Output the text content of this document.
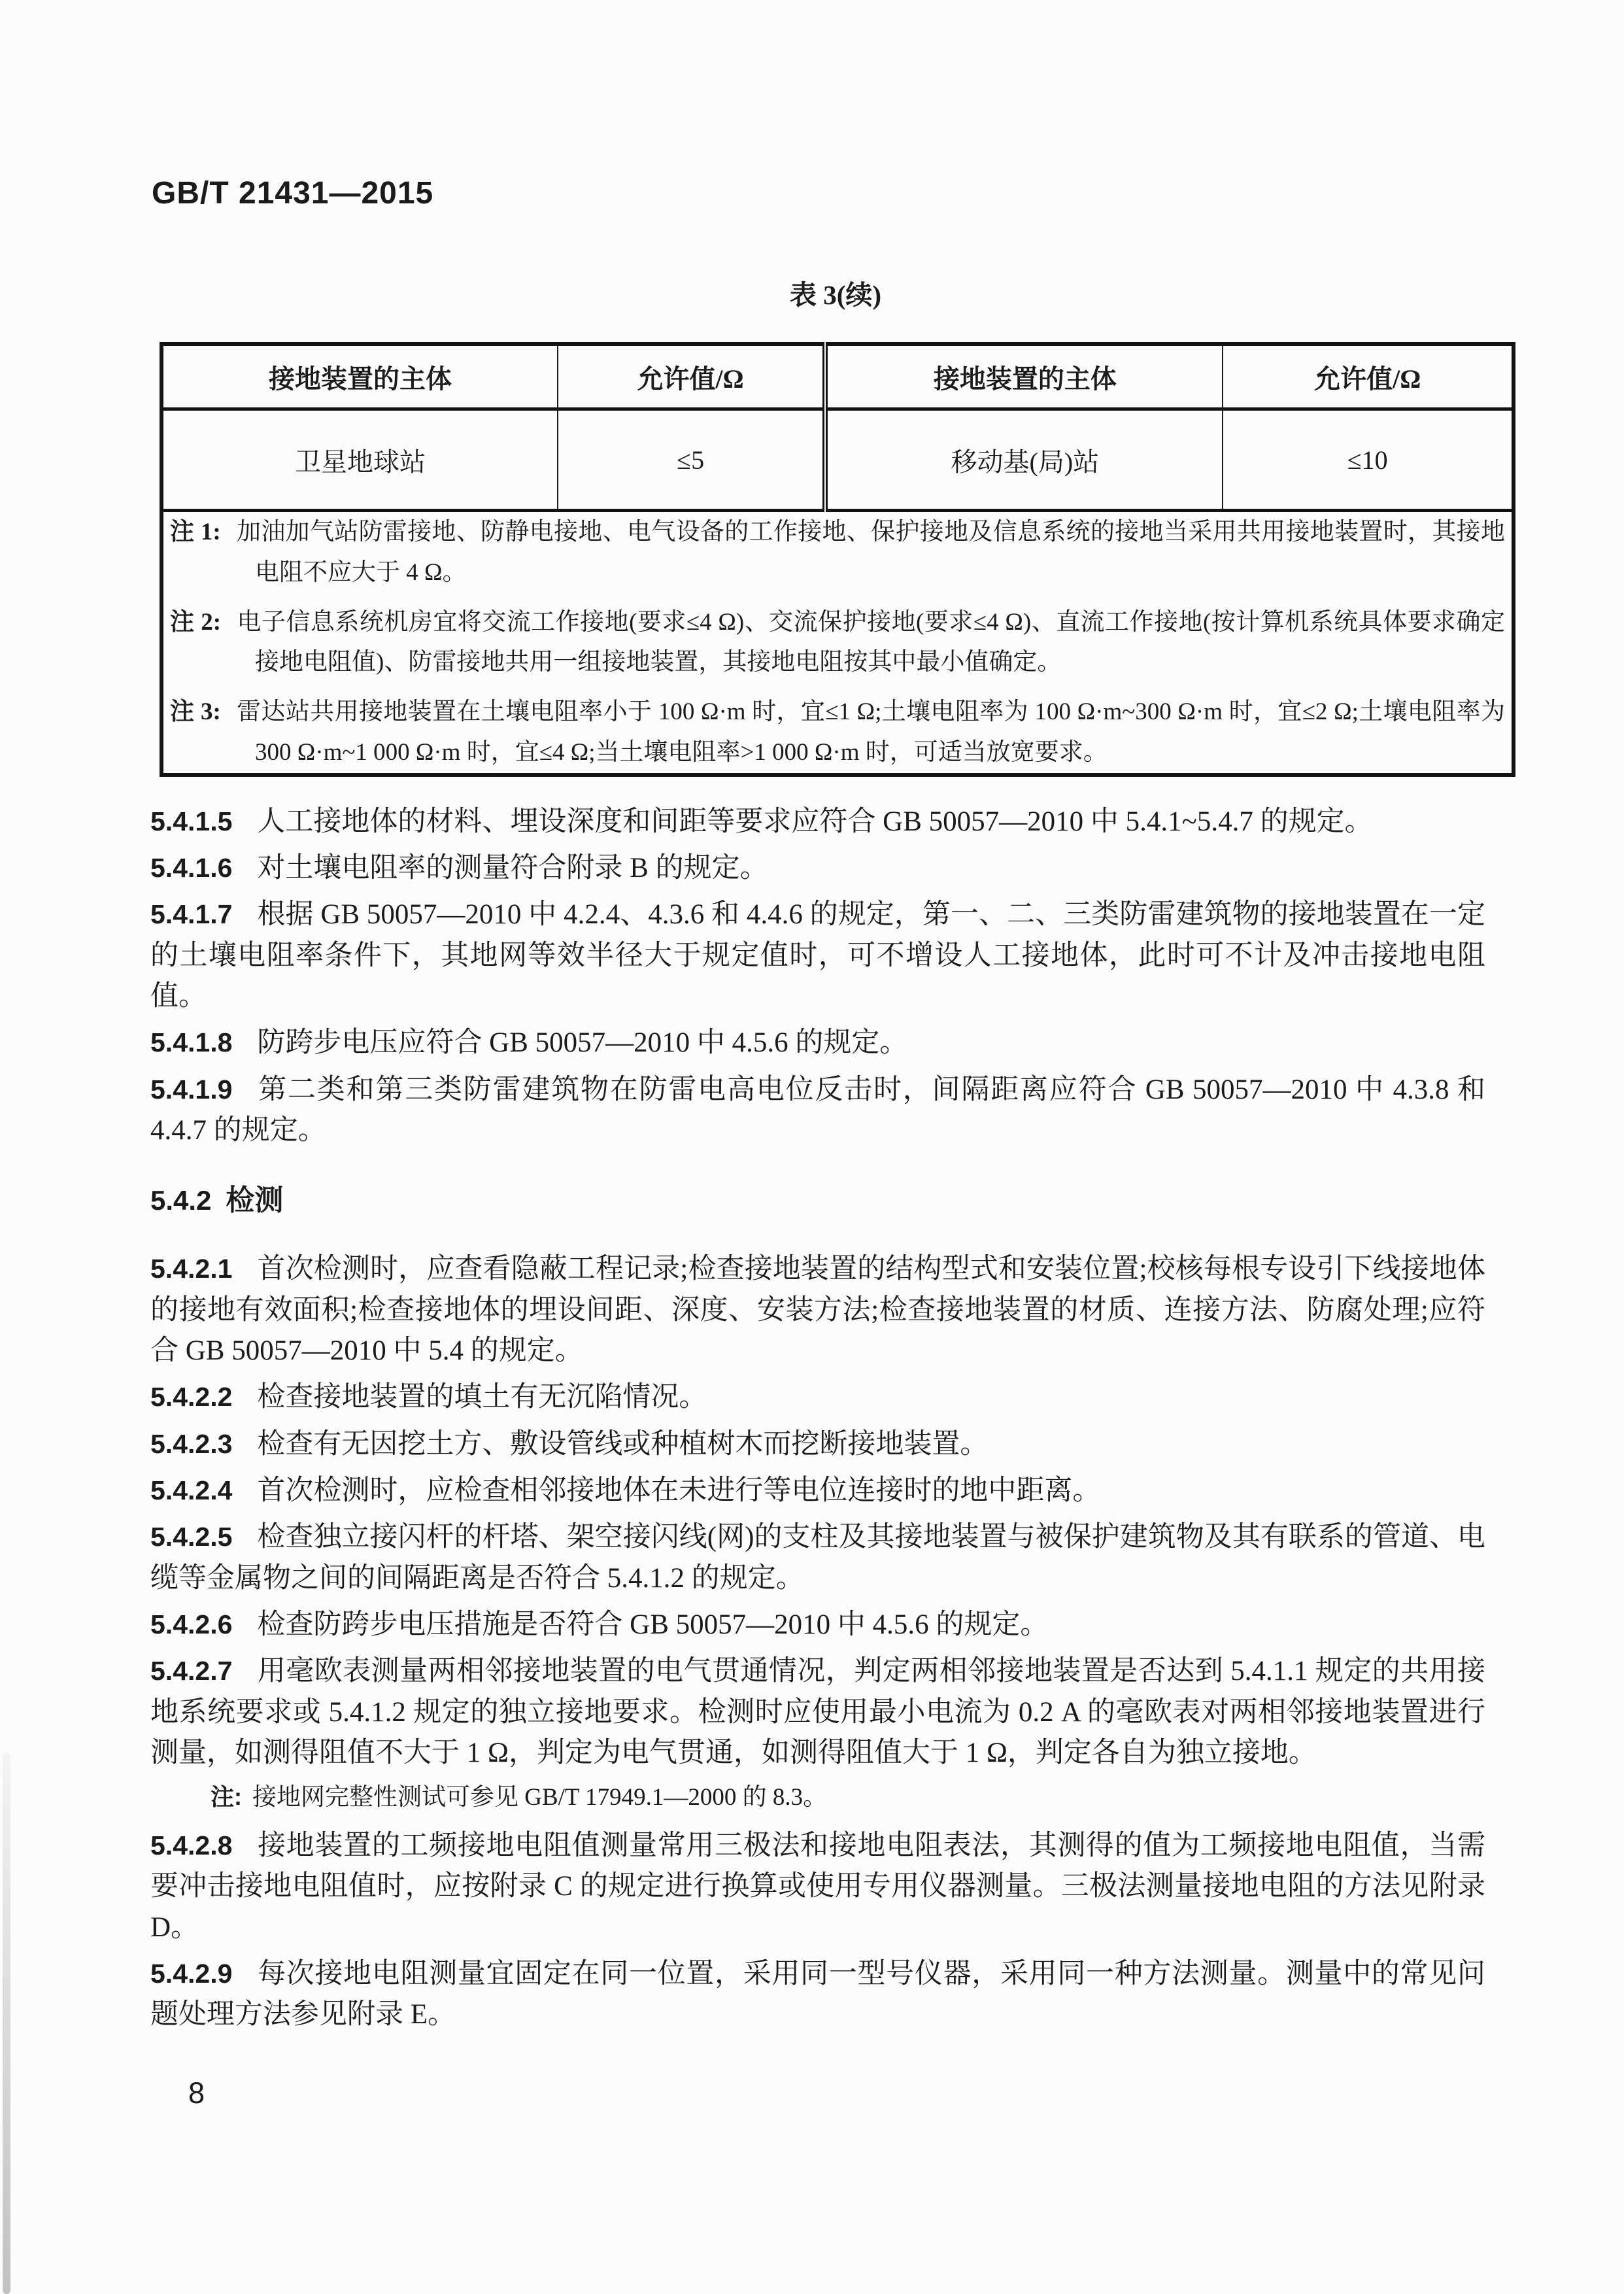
GB/T 21431—2015
表 3(续)
接地装置的主体	允许值/Ω	接地装置的主体	允许值/Ω
卫星地球站	≤5	移动基(局)站	≤10

注 1: 加油加气站防雷接地、防静电接地、电气设备的工作接地、保护接地及信息系统的接地当采用共用接地装置时，其接地电阻不应大于 4 Ω。
注 2: 电子信息系统机房宜将交流工作接地(要求≤4 Ω)、交流保护接地(要求≤4 Ω)、直流工作接地(按计算机系统具体要求确定接地电阻值)、防雷接地共用一组接地装置，其接地电阻按其中最小值确定。
注 3: 雷达站共用接地装置在土壤电阻率小于 100 Ω·m 时，宜≤1 Ω;土壤电阻率为 100 Ω·m~300 Ω·m 时，宜≤2 Ω;土壤电阻率为 300 Ω·m~1 000 Ω·m 时，宜≤4 Ω;当土壤电阻率>1 000 Ω·m 时，可适当放宽要求。			

5.4.1.5 人工接地体的材料、埋设深度和间距等要求应符合 GB 50057—2010 中 5.4.1~5.4.7 的规定。

5.4.1.6 对土壤电阻率的测量符合附录 B 的规定。

5.4.1.7 根据 GB 50057—2010 中 4.2.4、4.3.6 和 4.4.6 的规定，第一、二、三类防雷建筑物的接地装置在一定的土壤电阻率条件下，其地网等效半径大于规定值时，可不增设人工接地体，此时可不计及冲击接地电阻值。

5.4.1.8 防跨步电压应符合 GB 50057—2010 中 4.5.6 的规定。

5.4.1.9 第二类和第三类防雷建筑物在防雷电高电位反击时，间隔距离应符合 GB 50057—2010 中 4.3.8 和 4.4.7 的规定。

5.4.2 检测

5.4.2.1 首次检测时，应查看隐蔽工程记录;检查接地装置的结构型式和安装位置;校核每根专设引下线接地体的接地有效面积;检查接地体的埋设间距、深度、安装方法;检查接地装置的材质、连接方法、防腐处理;应符合 GB 50057—2010 中 5.4 的规定。

5.4.2.2 检查接地装置的填土有无沉陷情况。

5.4.2.3 检查有无因挖土方、敷设管线或种植树木而挖断接地装置。

5.4.2.4 首次检测时，应检查相邻接地体在未进行等电位连接时的地中距离。

5.4.2.5 检查独立接闪杆的杆塔、架空接闪线(网)的支柱及其接地装置与被保护建筑物及其有联系的管道、电缆等金属物之间的间隔距离是否符合 5.4.1.2 的规定。

5.4.2.6 检查防跨步电压措施是否符合 GB 50057—2010 中 4.5.6 的规定。

5.4.2.7 用毫欧表测量两相邻接地装置的电气贯通情况，判定两相邻接地装置是否达到 5.4.1.1 规定的共用接地系统要求或 5.4.1.2 规定的独立接地要求。检测时应使用最小电流为 0.2 A 的毫欧表对两相邻接地装置进行测量，如测得阻值不大于 1 Ω，判定为电气贯通，如测得阻值大于 1 Ω，判定各自为独立接地。

注: 接地网完整性测试可参见 GB/T 17949.1—2000 的 8.3。

5.4.2.8 接地装置的工频接地电阻值测量常用三极法和接地电阻表法，其测得的值为工频接地电阻值，当需要冲击接地电阻值时，应按附录 C 的规定进行换算或使用专用仪器测量。三极法测量接地电阻的方法见附录 D。

5.4.2.9 每次接地电阻测量宜固定在同一位置，采用同一型号仪器，采用同一种方法测量。测量中的常见问题处理方法参见附录 E。

8
